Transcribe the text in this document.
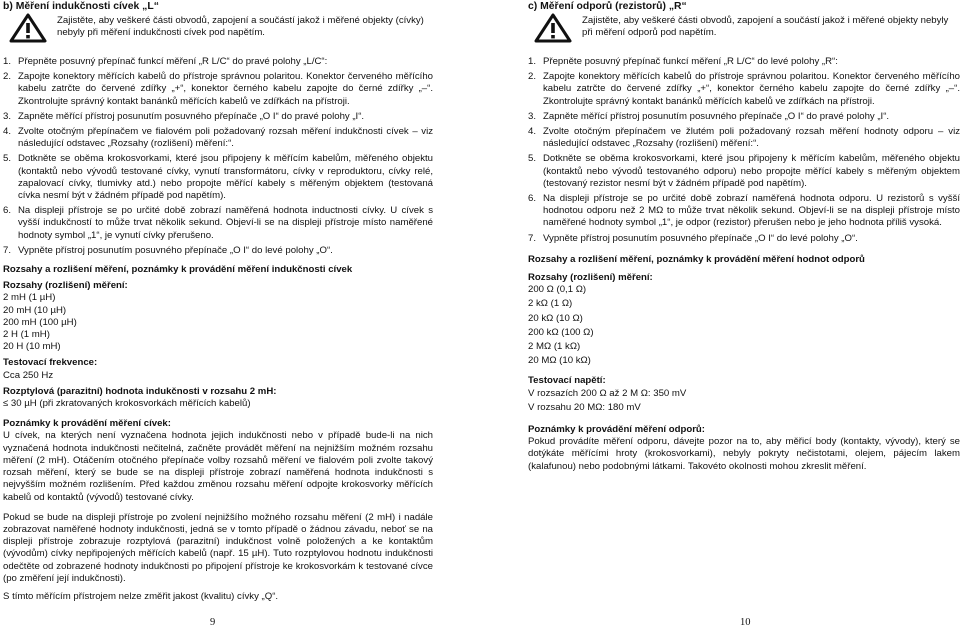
b) Měření indukčnosti cívek „L“

Zajistěte, aby veškeré části obvodů, zapojení a součástí jakož i měřené objekty (cívky) nebyly při měření indukčnosti cívek pod napětím.
1. Přepněte posuvný přepínač funkcí měření „R L/C“ do pravé polohy „L/C“:
2. Zapojte konektory měřících kabelů do přístroje správnou polaritou. Konektor červeného měřícího kabelu zatrčte do červené zdířky „+“, konektor černého kabelu zapojte do černé zdířky „–“. Zkontrolujte správný kontakt banánků měřících kabelů ve zdířkách na přístroji.
3. Zapněte měřící přístroj posunutím posuvného přepínače „O I“ do pravé polohy „I“.
4. Zvolte otočným přepínačem ve fialovém poli požadovaný rozsah měření indukčnosti cívek – viz následující odstavec „Rozsahy (rozlišení) měření:“.
5. Dotkněte se oběma krokosvorkami, které jsou připojeny k měřícím kabelům, měřeného objektu (kontaktů nebo vývodů testované cívky, vynutí transformátoru, cívky v reproduktoru, cívky relé, zapalovací cívky, tlumivky atd.) nebo propojte měřící kabely s měřeným objektem (testovaná cívka nesmí být v žádném případě pod napětím).
6. Na displeji přístroje se po určité době zobrazí naměřená hodnota inductnosti cívky. U cívek s vyšší indukčností to může trvat několik sekund. Objeví-li se na displeji přístroje místo naměřené hodnoty symbol „1“, je vynutí cívky přerušeno.
7. Vypněte přístroj posunutím posuvného přepínače „O I“ do levé polohy „O“.

Rozsahy a rozlišení měření, poznámky k provádění měření indukčnosti cívek

Rozsahy (rozlišení) měření:

2 mH (1 µH)

20 mH (10 µH)

200 mH (100 µH)

2 H (1 mH)

20 H (10 mH)

Testovací frekvence:

Cca 250 Hz

Rozptylová (parazitní) hodnota indukčnosti v rozsahu 2 mH:

≤ 30 µH (při zkratovaných krokosvorkách měřících kabelů)

Poznámky k provádění měření cívek:

U cívek, na kterých není vyznačena hodnota jejich indukčnosti nebo v případě bude-li na nich vyznačená hodnota indukčnosti nečitelná, začněte provádět měření na nejnižším možném rozsahu měření (2 mH). Otáčením otočného přepínače volby rozsahů měření ve fialovém poli zvolte takový rozsah měření, který se bude se na displeji přístroje zobrazí naměřená hodnota indukčnosti s nejvyšším možném rozlišením. Před každou změnou rozsahu měření odpojte krokosvorky měřících kabelů od kontaktů (vývodů) testované cívky.

Pokud se bude na displeji přístroje po zvolení nejnižšího možného rozsahu měření (2 mH) i nadále zobrazovat naměřené hodnoty indukčnosti, jedná se v tomto případě o žádnou závadu, neboť se na displeji přístroje zobrazuje rozptylová (parazitní) indukčnost volně položených a ke kontaktům (vývodům) cívky nepřipojených měřících kabelů (např. 15 µH). Tuto rozptylovou hodnotu indukčnosti odečtěte od zobrazené hodnoty indukčnosti po připojení přístroje ke krokosvorkám k testované cívce (po změření její indukčnosti).

S tímto měřícím přístrojem nelze změřit jakost (kvalitu) cívky „Q“.

9

c) Měření odporů (rezistorů) „R“

Zajistěte, aby veškeré části obvodů, zapojení a součástí jakož i měřené objekty nebyly při měření odporů pod napětím.
1. Přepněte posuvný přepínač funkcí měření „R L/C“ do levé polohy „R“:
2. Zapojte konektory měřících kabelů do přístroje správnou polaritou. Konektor červeného měřícího kabelu zatrčte do červené zdířky „+“, konektor černého kabelu zapojte do černé zdířky „–“. Zkontrolujte správný kontakt banánků měřících kabelů ve zdířkách na přístroji.
3. Zapněte měřící přístroj posunutím posuvného přepínače „O I“ do pravé polohy „I“.
4. Zvolte otočným přepínačem ve žlutém poli požadovaný rozsah měření hodnoty odporu – viz následující odstavec „Rozsahy (rozlišení) měření:“.
5. Dotkněte se oběma krokosvorkami, které jsou připojeny k měřícím kabelům, měřeného objektu (kontaktů nebo vývodů testovaného odporu) nebo propojte měřící kabely s měřeným objektem (testovaný rezistor nesmí být v žádném případě pod napětím).
6. Na displeji přístroje se po určité době zobrazí naměřená hodnota odporu. U rezistorů s vyšší hodnotou odporu než 2 MΩ to může trvat několik sekund. Objeví-li se na displeji přístroje místo naměřené hodnoty symbol „1“, je odpor (rezistor) přerušen nebo je jeho hodnota příliš vysoká.
7. Vypněte přístroj posunutím posuvného přepínače „O I“ do levé polohy „O“.

Rozsahy a rozlišení měření, poznámky k provádění měření hodnot odporů

Rozsahy (rozlišení) měření:

200 Ω (0,1 Ω)

2 kΩ (1 Ω)

20 kΩ (10 Ω)

200 kΩ (100 Ω)

2 MΩ (1 kΩ)

20 MΩ (10 kΩ)

Testovací napětí:

V rozsazích 200 Ω až 2 M Ω: 350 mV

V rozsahu 20 MΩ: 180 mV

Poznámky k provádění měření odporů:

Pokud provádíte měření odporu, dávejte pozor na to, aby měřicí body (kontakty, vývody), který se dotýkáte měřícími hroty (krokosvorkami), nebyly pokryty nečistotami, olejem, pájecím lakem (kalafunou) nebo podobnými látkami. Takovéto okolnosti mohou zkreslit měření.

10
